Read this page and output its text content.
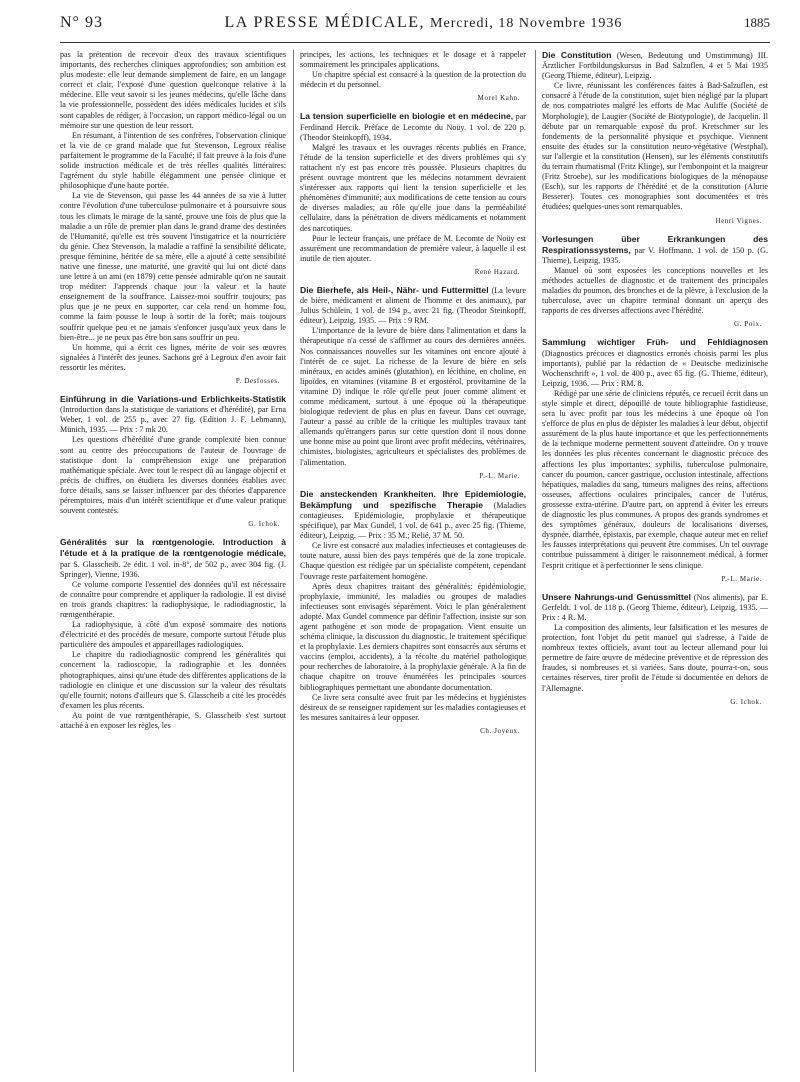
N° 93	LA PRESSE MÉDICALE, Mercredi, 18 Novembre 1936	1885

pas la prétention de recevoir d'eux des travaux scientifiques importants, des recherches cliniques approfondies; son ambition est plus modeste: elle leur demande simplement de faire, en un langage correct et clair, l'exposé d'une question quelconque relative à la médecine. Elle veut savoir si les jeunes médecins, qu'elle lâche dans la vie professionnelle, possèdent des idées médicales lucides et s'ils sont capables de rédiger, à l'occasion, un rapport médico-légal ou un mémoire sur une question de leur ressort.

En résumant, à l'intention de ses confrères, l'observation clinique et la vie de ce grand malade que fut Stevenson, Legroux réalise parfaitement le programme de la Faculté; il fait preuve à la fois d'une solide instruction médicale et de très réelles qualités littéraires: l'agrément du style habille élégamment une pensée clinique et philosophique d'une haute portée.

La vie de Stevenson, qui passe les 44 années de sa vie à lutter contre l'évolution d'une tuberculose pulmonaire et à poursuivre sous tous les climats le mirage de la santé, prouve une fois de plus que la maladie a un rôle de premier plan dans le grand drame des destinées de l'Humanité, qu'elle est très souvent l'instigatrice et la nourricière du génie. Chez Stevenson, la maladie a raffiné la sensibilité délicate, presque féminine, héritée de sa mère, elle a ajouté à cette sensibilité native une finesse, une maturité, une gravité qui lui ont dicté dans une lettre à un ami (en 1879) cette pensée admirable qu'on ne saurait trop méditer: J'apprends chaque jour la valeur et la haute enseignement de la souffrance. Laissez-moi souffrir toujours; pas plus que je ne peux en supporter, car cela rend un homme fou, comme la faim pousse le loup à sortir de la forêt; mais toujours souffrir quelque peu et ne jamais s'enfoncer jusqu'aux yeux dans le bien-être... je ne peux pas être bon sans souffrir un peu.

Un homme, qui a écrit ces lignes, mérite de voir ses œuvres signalées à l'intérêt des jeunes. Sachons gré à Legroux d'en avoir fait ressortir les mérites.

P. Desfosses.

Einführung in die Variations-und Erblichkeits-Statistik (Introduction dans la statistique de variations et d'hérédité), par Erna Weber, 1 vol. de 255 p., avec 27 fig. (Edition J. F. Lehmann), Münich, 1935. — Prix : 7 mk 20.

Les questions d'hérédité d'une grande complexité bien connue sont au centre des préoccupations de l'auteur de l'ouvrage de statistique dont la compréhension exige une préparation mathématique spéciale. Avec tout le respect dû au langage objectif et précis de chiffres, on étudiera les diverses données établies avec force détails, sans se laisser influencer par des théories d'apparence péremptoires, mais d'un intérêt scientifique et d'une valeur pratique souvent contestés.

G. Ichok.

Généralités sur la rœntgenologie. Introduction à l'étude et à la pratique de la rœntgenologie médicale, par S. Glasscheib. 2e édit. 1 vol. in-8°, de 502 p., avec 304 fig. (J. Springer), Vienne, 1936.

Ce volume comporte l'essentiel des données qu'il est nécessaire de connaître pour comprendre et appliquer la radiologie. Il est divisé en trois grands chapitres: la radiophysique, le radiodiagnostic, la rœntgenthérapie.

La radiophysique, à côté d'un exposé sommaire des notions d'électricité et des procédés de mesure, comporte surtout l'étude plus particulière des ampoules et appareillages radiologiques.

Le chapitre du radiodiagnostic comprend les généralités qui concernent la radioscopie, la radiographie et les données photographiques, ainsi qu'une étude des différentes applications de la radiologie en clinique et une discussion sur la valeur des résultats qu'elle fournit; notons d'ailleurs que S. Glasscheib a cité les procédés d'examen les plus récents.

Au point de vue rœntgenthérapie, S. Glasscheib s'est surtout attaché à en exposer les règles, les

principes, les actions, les techniques et le dosage et à rappeler sommairement les principales applications.

Un chapitre spécial est consacré à la question de la protection du médecin et du personnel.

Morel Kahn.

La tension superficielle en biologie et en médecine, par Ferdinand Hercik. Préface de Lecomte du Noüy. 1 vol. de 220 p. (Theodor Steinkopff), 1934.

Malgré les travaux et les ouvrages récents publiés en France, l'étude de la tension superficielle et des divers problèmes qui s'y rattachent n'y est pas encore très poussée. Plusieurs chapitres du présent ouvrage montrent que les médecins notamment devraient s'intéresser aux rapports qui lient la tension superficielle et les phénomènes d'immunité; aux modifications de cette tension au cours de diverses maladies; au rôle qu'elle joue dans la perméabilité cellulaire, dans la pénétration de divers médicaments et notamment des narcotiques.

Pour le lecteur français, une préface de M. Lecomte de Noüy est assurément une recommandation de première valeur, à laquelle il est inutile de rien ajouter.

René Hazard.

Die Bierhefe, als Heil-, Nähr- und Futtermittel (La levure de bière, médicament et aliment de l'homme et des animaux), par Julius Schülein, 1 vol. de 194 p., avec 21 fig. (Theodor Steinkopff, éditeur), Leipzig, 1935. — Prix : 9 RM.

L'importance de la levure de bière dans l'alimentation et dans la thérapeutique n'a cessé de s'affirmer au cours des dernières années. Nos connaissances nouvelles sur les vitamines ont encore ajouté à l'intérêt de ce sujet. La richesse de la levure de bière en sels minéraux, en acides aminés (glutathion), en lécithine, en choline, en lipoïdes, en vitamines (vitamine B et ergostérol, provitamine de la vitamine D) indique le rôle qu'elle peut jouer comme aliment et comme médicament, surtout à une époque où la thérapeutique biologique redevient de plus en plus en faveur. Dans cet ouvrage, l'auteur a passé au crible de la critique les multiples travaux tant allemands qu'étrangers parus sur cette question dont il nous donne une bonne mise au point que liront avec profit médecins, vétérinaires, chimistes, biologistes, agriculteurs et spécialistes des problèmes de l'alimentation.

P.-L. Marie.

Die ansteckenden Krankheiten. Ihre Epidemiologie, Bekämpfung und spezifische Therapie (Maladies contagieuses. Epidémiologie, prophylaxie et thérapeutique spécifique), par Max Gundel, 1 vol. de 641 p., avec 25 fig. (Thieme, éditeur), Leipzig. — Prix : 35 M.; Relié, 37 M. 50.

Ce livre est consacré aux maladies infectieuses et contagieuses de toute nature, aussi bien des pays tempérés que de la zone tropicale. Chaque question est rédigée par un spécialiste compétent, cependant l'ouvrage reste parfaitement homogène.

Après deux chapitres traitant des généralités: épidémiologie, prophylaxie, immunité, les maladies ou groupes de maladies infectieuses sont envisagés séparément. Voici le plan généralement adopté. Max Gundel commence par définir l'affection, insiste sur son agent pathogène et son mode de propagation. Vient ensuite un schéma clinique, la discussion du diagnostic, le traitement spécifique et la prophylaxie. Les derniers chapitres sont consacrés aux sérums et vaccins (emploi, accidents), à la récolte du matériel pathologique pour recherches de laboratoire, à la prophylaxie générale. A la fin de chaque chapitre on trouve énumérées les principales sources bibliographiques permettant une abondante documentation.

Ce livre sera consulté avec fruit par les médecins et hygiénistes désireux de se renseigner rapidement sur les maladies contagieuses et les mesures sanitaires à leur opposer.

Ch. Joyeux.

Die Constitution (Wesen, Bedeutung und Umstimmung) III. Ärztlicher Fortbildungskursus in Bad Salzuflen, 4 et 5 Mai 1935 (Georg Thieme, éditeur), Leipzig.

Ce livre, réunissant les conférences faites à Bad-Salzuflen, est consacré à l'étude de la constitution, sujet bien négligé par la plupart de nos compatriotes malgré les efforts de Mac Auliffe (Société de Morphologie), de Laugier (Société de Biotypologie), de Jacquelin. Il débute par un remarquable exposé du prof. Kretschmer sur les fondements de la personnalité physique et psychique. Viennent ensuite des études sur la constitution neuro-végétative (Westphal), sur l'allergie et la constitution (Hensen), sur les éléments constitutifs du terrain rhumatismal (Fritz Klinge), sur l'embonpoint et la maigreur (Fritz Stroebe), sur les modifications biologiques de la ménopause (Esch), sur les rapports de l'hérédité et de la constitution (Alurie Besserer). Toutes ces monographies sont documentées et très étudiées; quelques-unes sont remarquables.

Henri Vignes.

Vorlesungen über Erkrankungen des Respirationssystems, par V. Hoffmann. 1 vol. de 150 p. (G. Thieme), Leipzig, 1935.

Manuel où sont exposées les conceptions nouvelles et les méthodes actuelles de diagnostic et de traitement des principales maladies du poumon, des bronches et de la plèvre, à l'exclusion de la tuberculose, avec un chapitre terminal donnant un aperçu des rapports de ces diverses affections avec l'hérédité.

G. Poix.

Sammlung wichtiger Früh- und Fehldiagnosen (Diagnostics précoces et diagnostics erronés choisis parmi les plus importants), publié par la rédaction de « Deutsche medizinische Wochenschrift », 1 vol. de 400 p., avec 65 fig. (G. Thieme, éditeur), Leipzig, 1936. — Prix : RM. 8.

Rédigé par une série de cliniciens réputés, ce recueil écrit dans un style simple et direct, dépouillé de toute bibliographie fastidieuse, sera lu avec profit par tous les médecins à une époque où l'on s'efforce de plus en plus de dépister les maladies à leur début, objectif assurément de la plus haute importance et que les perfectionnements de la technique moderne permettent souvent d'atteindre. On y trouve les données les plus récentes concernant le diagnostic précoce des affections les plus importantes: syphilis, tuberculose pulmonaire, cancer du poumon, cancer gastrique, occlusion intestinale, affections hépatiques, maladies du sang, tumeurs malignes des reins, affections osseuses, affections oculaires principales, cancer de l'utérus, grossesse extra-utérine. D'autre part, on apprend à éviter les erreurs de diagnostic les plus communes. A propos des grands syndromes et des symptômes généraux, douleurs de localisations diverses, dyspnée, diarrhée, épistaxis, par exemple, chaque auteur met en relief les fausses interprétations qui peuvent être commises. Un tel ouvrage contribue puissamment à diriger le raisonnement médical, à former l'esprit critique et à perfectionner le sens clinique.

P.-L. Marie.

Unsere Nahrungs-und Genussmittel (Nos aliments), par E. Gerfeldt. 1 vol. de 118 p. (Georg Thieme, éditeur), Leipzig, 1935. — Prix : 4 R. M.

La composition des aliments, leur falsification et les mesures de protection, font l'objet du petit manuel qui s'adresse, à l'aide de nombreux textes officiels, avant tout au lecteur allemand pour lui permettre de faire œuvre de médecine préventive et de répression des fraudes, si nombreuses et si variées. Sans doute, pourra-t-on, sous certaines réserves, tirer profit de l'étude si documentée en dehors de l'Allemagne.

G. Ichok.
